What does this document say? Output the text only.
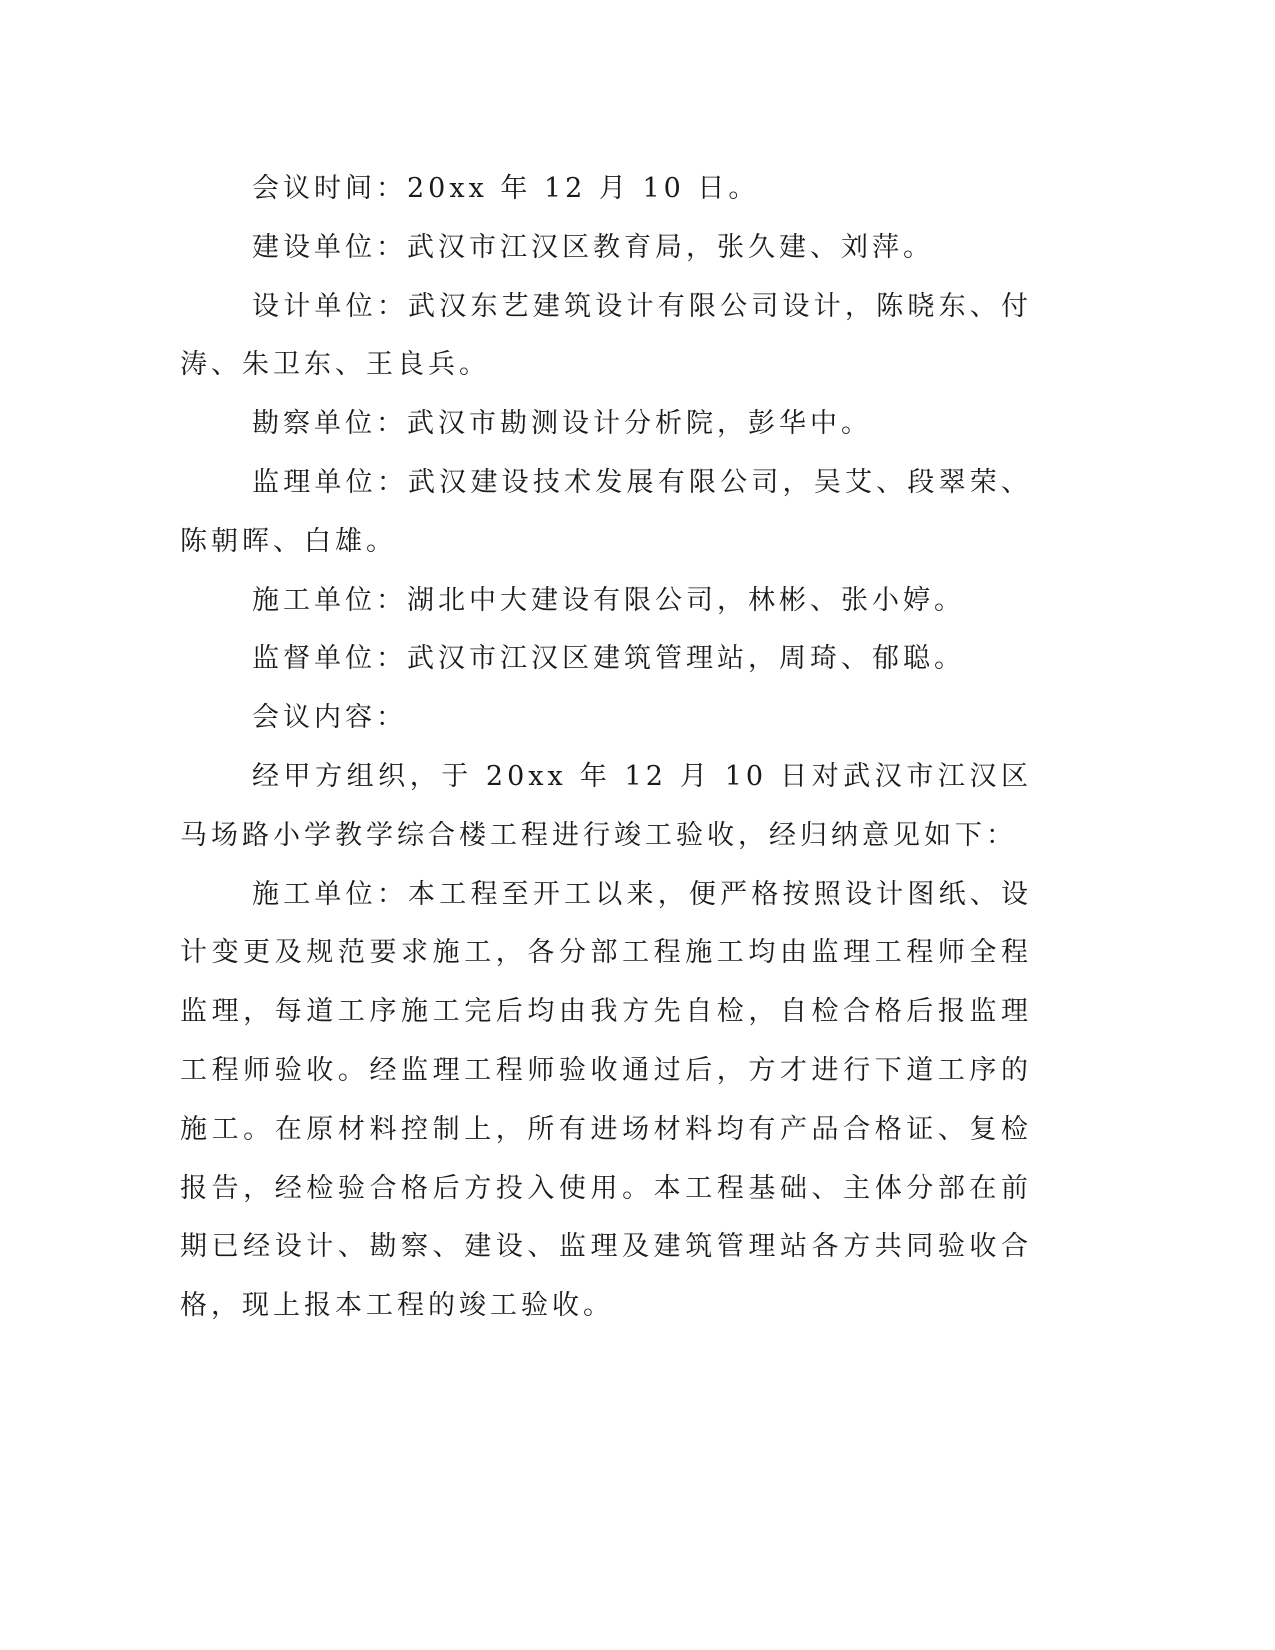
会议时间：20xx 年 12 月 10 日。

建设单位：武汉市江汉区教育局，张久建、刘萍。

设计单位：武汉东艺建筑设计有限公司设计，陈晓东、付涛、朱卫东、王良兵。

勘察单位：武汉市勘测设计分析院，彭华中。

监理单位：武汉建设技术发展有限公司，吴艾、段翠荣、陈朝晖、白雄。

施工单位：湖北中大建设有限公司，林彬、张小婷。

监督单位：武汉市江汉区建筑管理站，周琦、郁聪。

会议内容：

经甲方组织，于 20xx 年 12 月 10 日对武汉市江汉区马场路小学教学综合楼工程进行竣工验收，经归纳意见如下：

施工单位：本工程至开工以来，便严格按照设计图纸、设计变更及规范要求施工，各分部工程施工均由监理工程师全程监理，每道工序施工完后均由我方先自检，自检合格后报监理工程师验收。经监理工程师验收通过后，方才进行下道工序的施工。在原材料控制上，所有进场材料均有产品合格证、复检报告，经检验合格后方投入使用。本工程基础、主体分部在前期已经设计、勘察、建设、监理及建筑管理站各方共同验收合格，现上报本工程的竣工验收。
